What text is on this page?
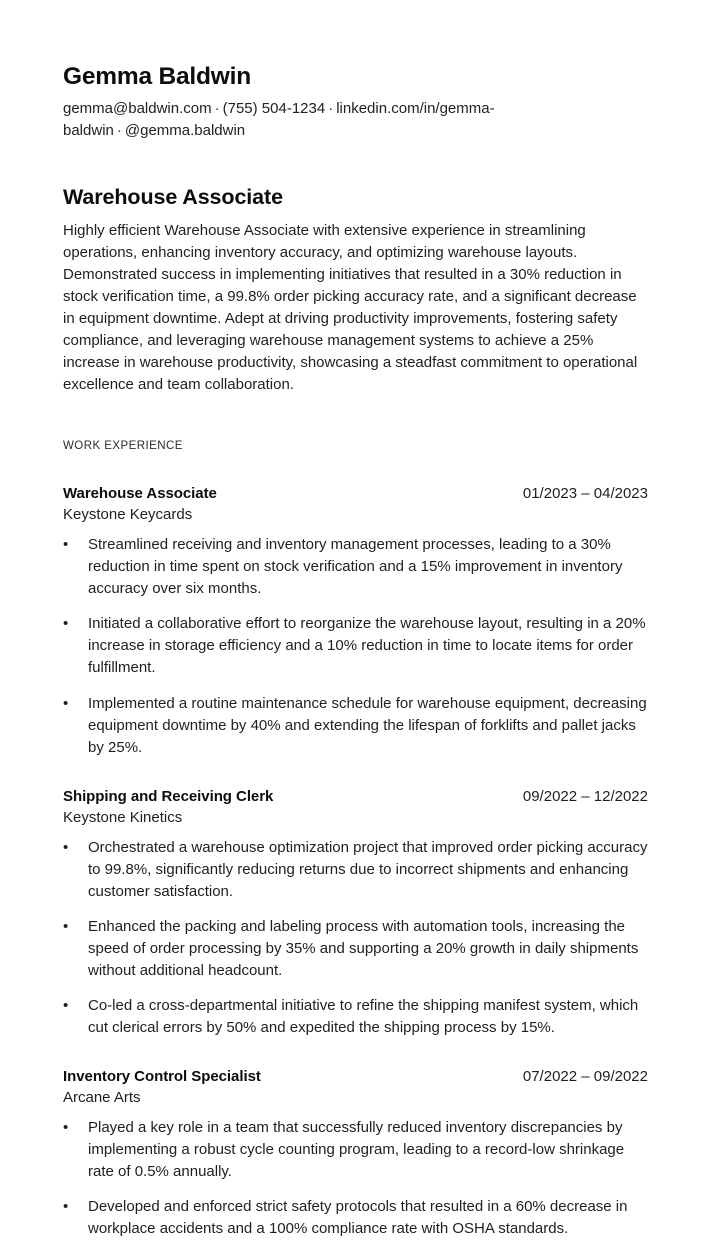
Gemma Baldwin

gemma@baldwin.com · (755) 504-1234 · linkedin.com/in/gemma-baldwin · @gemma.baldwin

Warehouse Associate

Highly efficient Warehouse Associate with extensive experience in streamlining operations, enhancing inventory accuracy, and optimizing warehouse layouts. Demonstrated success in implementing initiatives that resulted in a 30% reduction in stock verification time, a 99.8% order picking accuracy rate, and a significant decrease in equipment downtime. Adept at driving productivity improvements, fostering safety compliance, and leveraging warehouse management systems to achieve a 25% increase in warehouse productivity, showcasing a steadfast commitment to operational excellence and team collaboration.

WORK EXPERIENCE
Warehouse Associate	01/2023 – 04/2023
Keystone Keycards
• Streamlined receiving and inventory management processes, leading to a 30% reduction in time spent on stock verification and a 15% improvement in inventory accuracy over six months.
• Initiated a collaborative effort to reorganize the warehouse layout, resulting in a 20% increase in storage efficiency and a 10% reduction in time to locate items for order fulfillment.
• Implemented a routine maintenance schedule for warehouse equipment, decreasing equipment downtime by 40% and extending the lifespan of forklifts and pallet jacks by 25%.
Shipping and Receiving Clerk	09/2022 – 12/2022
Keystone Kinetics
• Orchestrated a warehouse optimization project that improved order picking accuracy to 99.8%, significantly reducing returns due to incorrect shipments and enhancing customer satisfaction.
• Enhanced the packing and labeling process with automation tools, increasing the speed of order processing by 35% and supporting a 20% growth in daily shipments without additional headcount.
• Co-led a cross-departmental initiative to refine the shipping manifest system, which cut clerical errors by 50% and expedited the shipping process by 15%.
Inventory Control Specialist	07/2022 – 09/2022
Arcane Arts
• Played a key role in a team that successfully reduced inventory discrepancies by implementing a robust cycle counting program, leading to a record-low shrinkage rate of 0.5% annually.
• Developed and enforced strict safety protocols that resulted in a 60% decrease in workplace accidents and a 100% compliance rate with OSHA standards.
